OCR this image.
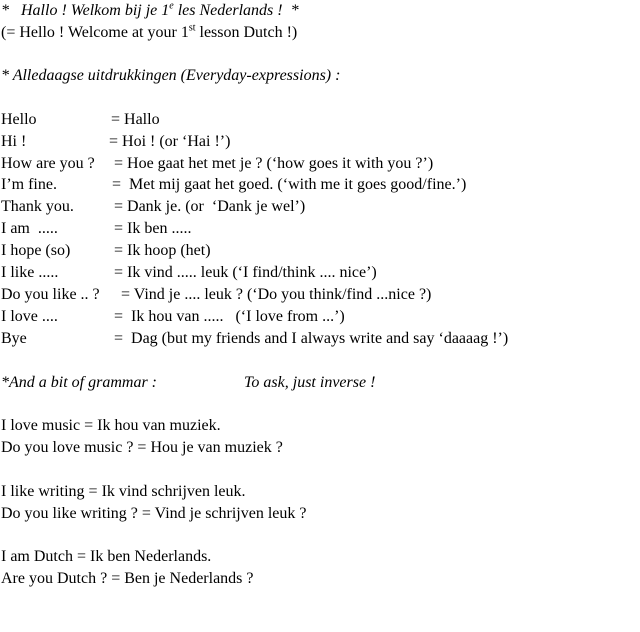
*   Hallo ! Welkom bij je 1e les Nederlands !  *
(= Hello ! Welcome at your 1st lesson Dutch !)
* Alledaagse uitdrukkingen (Everyday-expressions) :
Hello	= Hallo
Hi !	= Hoi ! (or ‘Hai !’)
How are you ? = Hoe gaat het met je ? (‘how goes it with you ?’)
I’m fine.	=  Met mij gaat het goed. (‘with me it goes good/fine.’)
Thank you.	= Dank je. (or  ‘Dank je wel’)
I am  .....	= Ik ben .....
I hope (so)	= Ik hoop (het)
I like .....	= Ik vind ..... leuk (‘I find/think .... nice’)
Do you like .. ? = Vind je .... leuk ? (‘Do you think/find ...nice ?)
I love ....	=  Ik hou van .....   (‘I love from ...’)
Bye	=  Dag (but my friends and I always write and say ‘daaaag !’)
*And a bit of grammar :	To ask, just inverse !
I love music = Ik hou van muziek.
Do you love music ? = Hou je van muziek ?
I like writing = Ik vind schrijven leuk.
Do you like writing ? = Vind je schrijven leuk ?
I am Dutch = Ik ben Nederlands.
Are you Dutch ? = Ben je Nederlands ?
